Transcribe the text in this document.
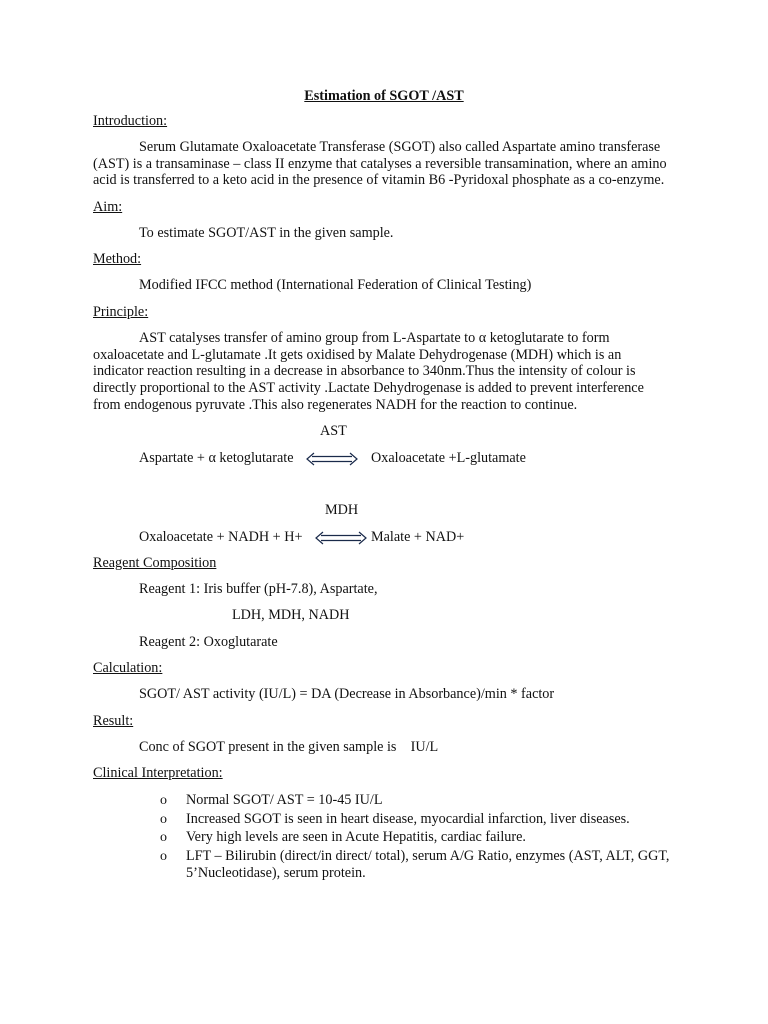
Estimation of SGOT /AST
Introduction:
Serum Glutamate Oxaloacetate Transferase (SGOT) also called Aspartate amino transferase (AST) is a transaminase – class II enzyme that catalyses a reversible transamination, where an amino acid is transferred to a keto acid in the presence of vitamin B6 -Pyridoxal phosphate as a co-enzyme.
Aim:
To estimate SGOT/AST in the given sample.
Method:
Modified IFCC method (International Federation of Clinical Testing)
Principle:
AST catalyses transfer of amino group from L-Aspartate to α ketoglutarate to form oxaloacetate and L-glutamate .It gets oxidised by Malate Dehydrogenase (MDH) which is an indicator reaction resulting in a decrease in absorbance to 340nm.Thus the intensity of colour is directly proportional to the AST activity .Lactate Dehydrogenase is added to prevent interference from endogenous pyruvate .This also regenerates NADH for the reaction to continue.
AST
Aspartate + α ketoglutarate	Oxaloacetate +L-glutamate
MDH
Oxaloacetate + NADH + H+	Malate + NAD+
Reagent Composition
Reagent 1: Iris buffer (pH-7.8), Aspartate,
LDH, MDH, NADH
Reagent 2: Oxoglutarate
Calculation:
SGOT/ AST activity (IU/L) = DA (Decrease in Absorbance)/min * factor
Result:
Conc of SGOT present in the given sample is    IU/L
Clinical Interpretation:
o Normal SGOT/ AST = 10-45 IU/L
o Increased SGOT is seen in heart disease, myocardial infarction, liver diseases.
o Very high levels are seen in Acute Hepatitis, cardiac failure.
o LFT – Bilirubin (direct/in direct/ total), serum A/G Ratio, enzymes (AST, ALT, GGT, 5’Nucleotidase), serum protein.
